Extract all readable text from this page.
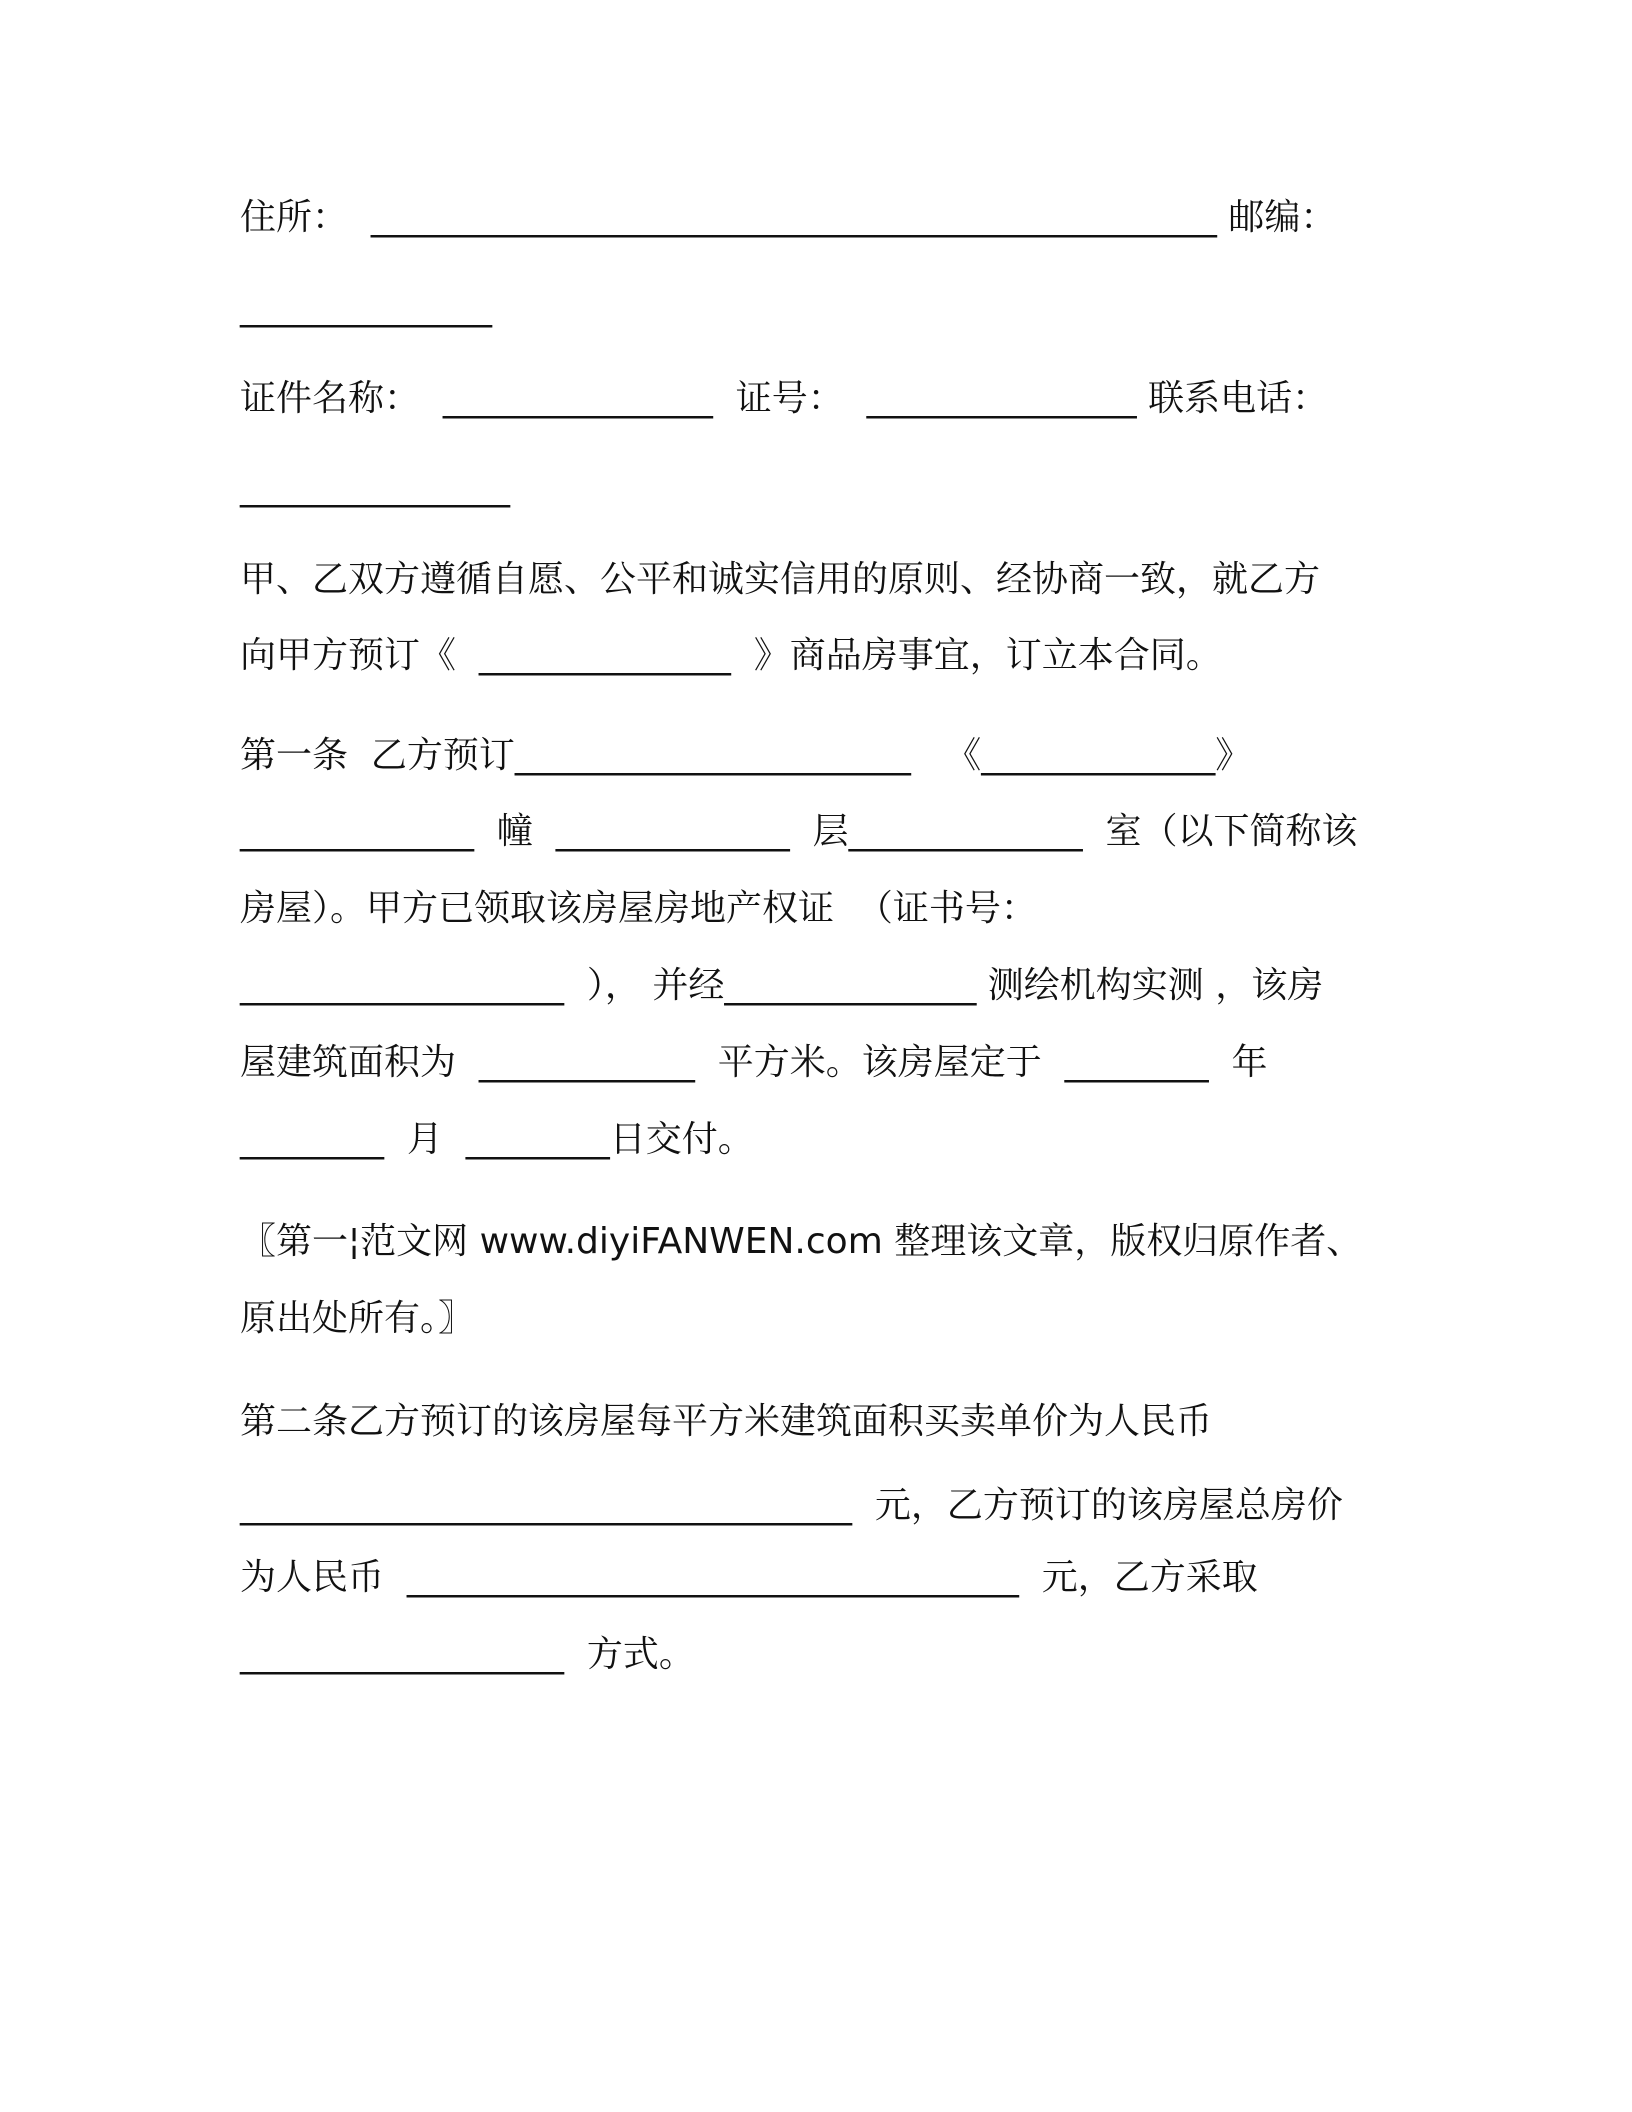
住所：  _______________________________________________ 邮编：
______________
证件名称：  _______________  证号：  _______________ 联系电话：
_______________
甲、乙双方遵循自愿、公平和诚实信用的原则、经协商一致，就乙方
向甲方预订《  ______________  》商品房事宜，订立本合同。
第一条  乙方预订______________________   《_____________》
_____________  幢  _____________  层_____________  室（以下简称该
房屋）。甲方已领取该房屋房地产权证  （证书号：
__________________  ）， 并经______________ 测绘机构实测 ，该房
屋建筑面积为  ____________  平方米。该房屋定于  ________  年
________  月  ________日交付。
〖第一¦范文网 www.diyiFANWEN.com 整理该文章，版权归原作者、
原出处所有。〗
第二条乙方预订的该房屋每平方米建筑面积买卖单价为人民币
__________________________________  元，乙方预订的该房屋总房价
为人民币  __________________________________  元，乙方采取
__________________  方式。
